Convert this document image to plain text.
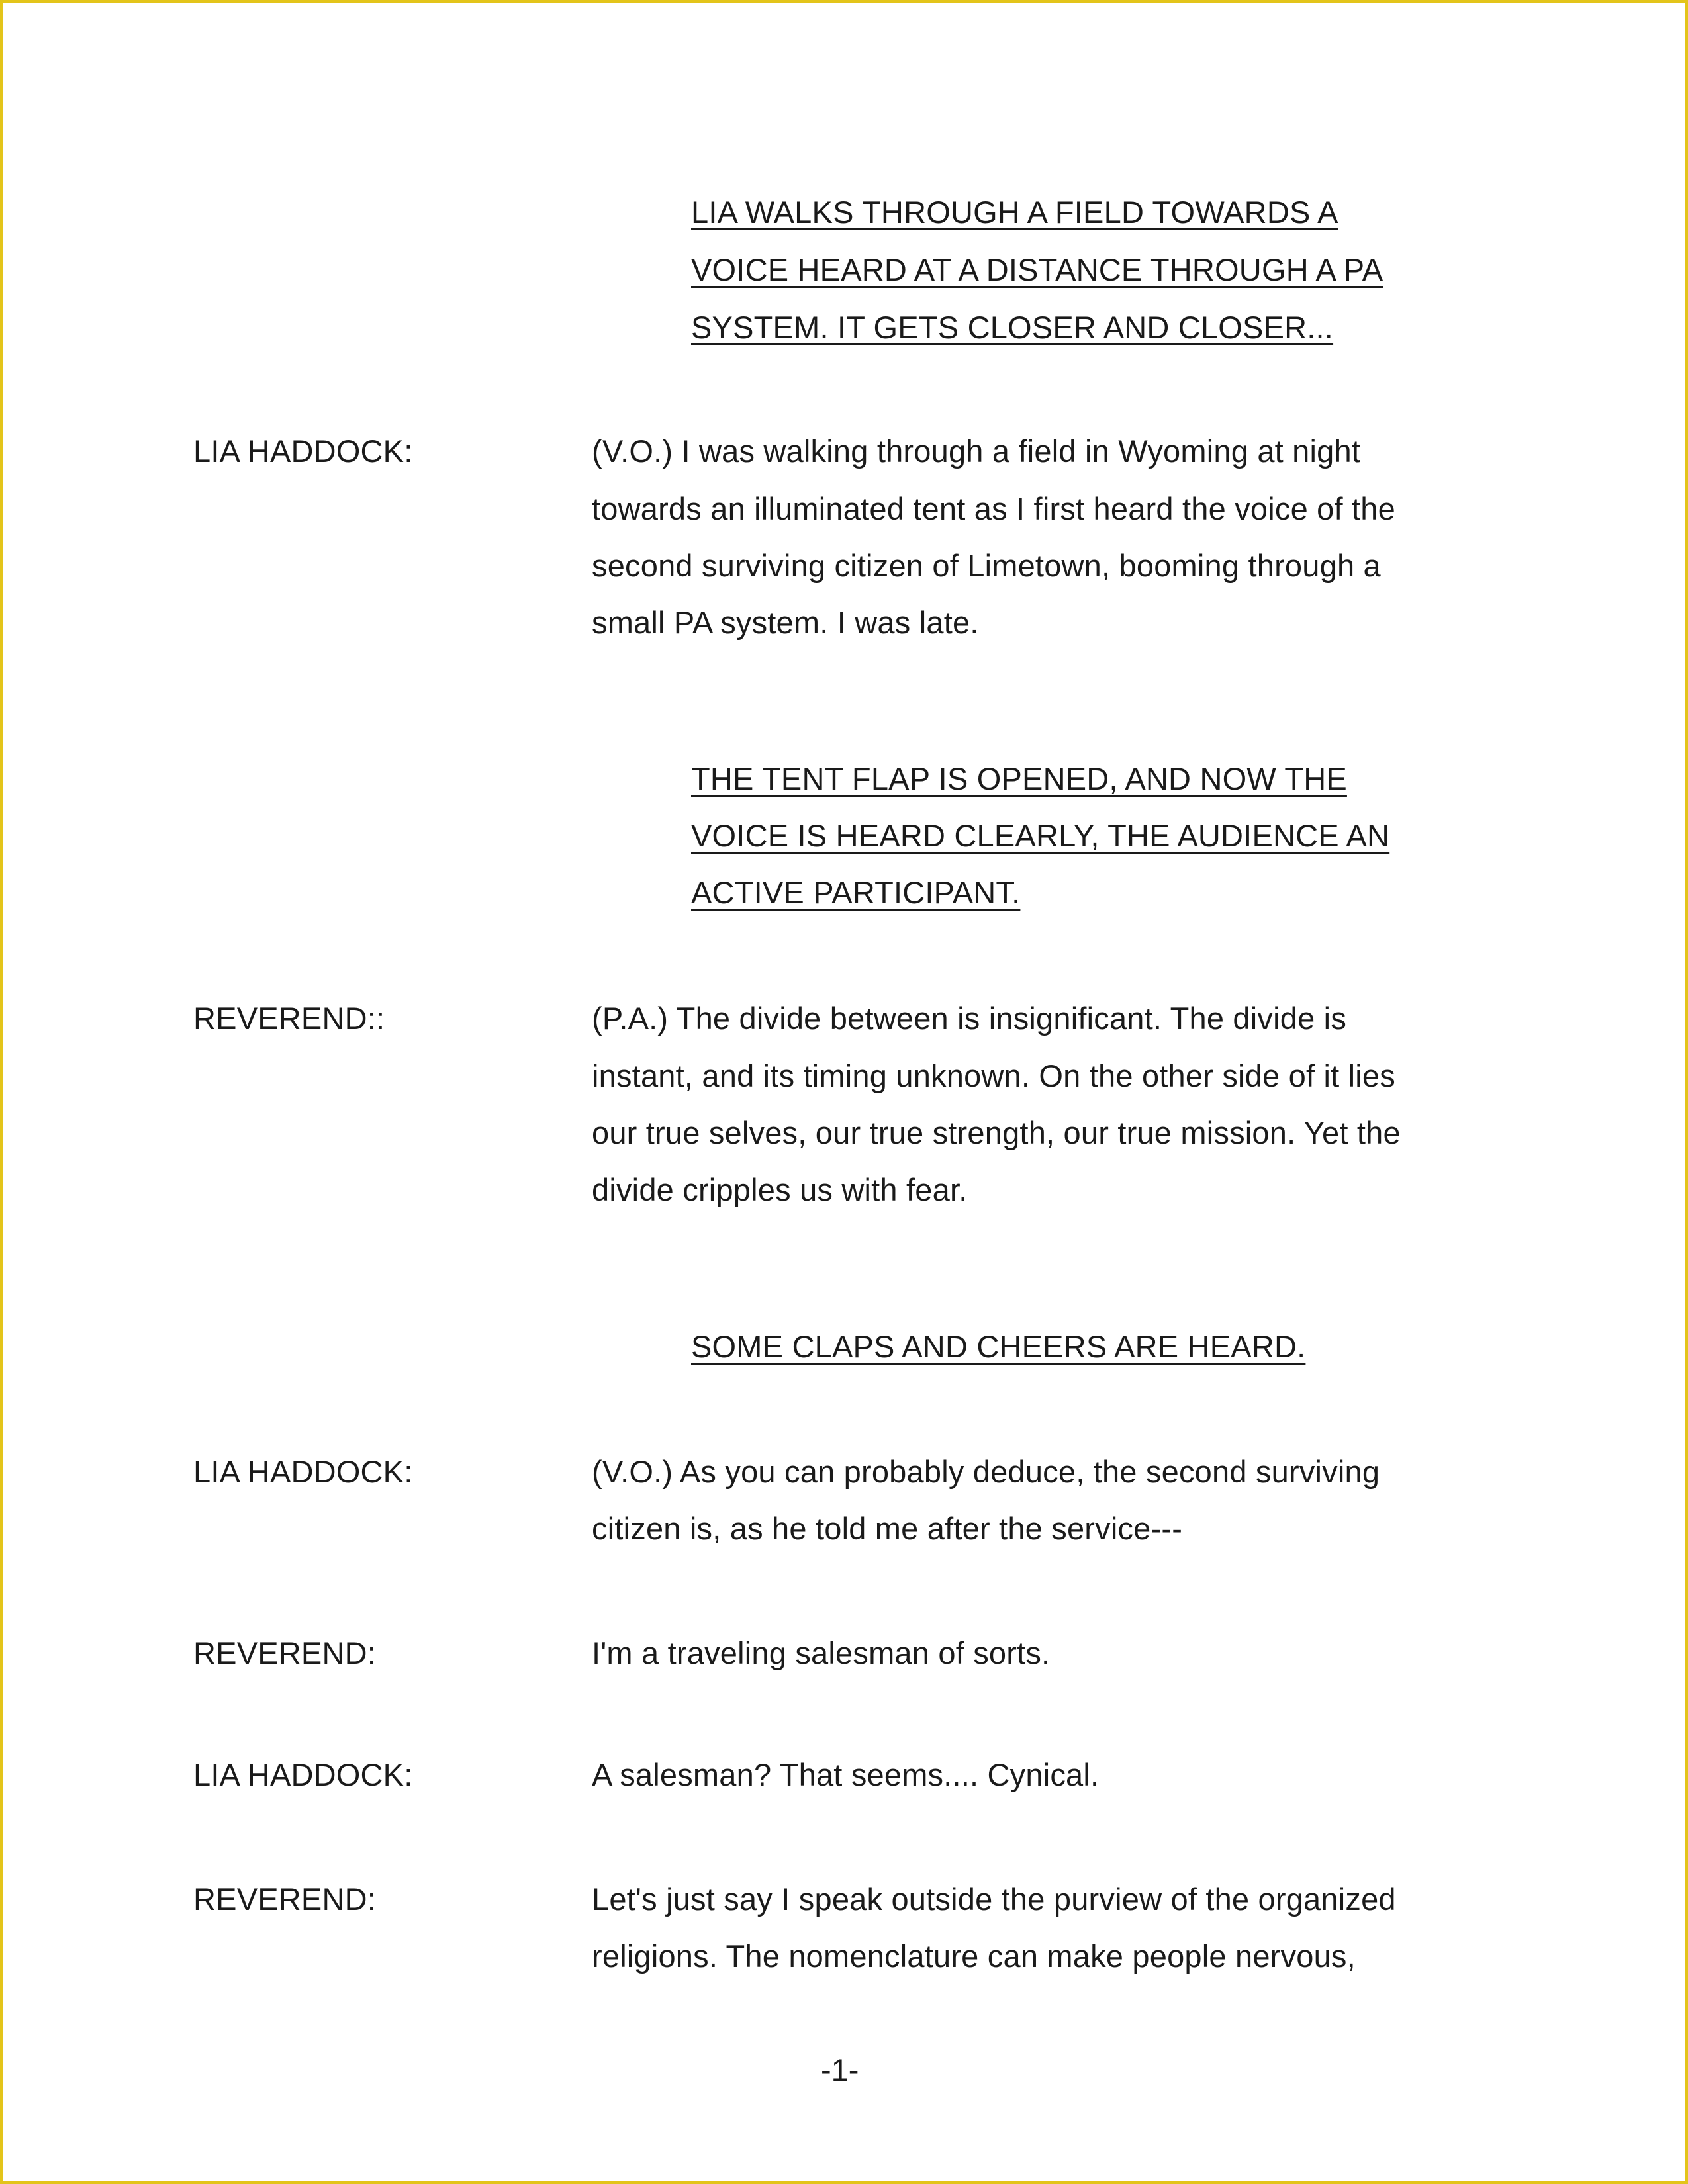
LIA WALKS THROUGH A FIELD TOWARDS A
VOICE HEARD AT A DISTANCE THROUGH A PA
SYSTEM. IT GETS CLOSER AND CLOSER...
LIA HADDOCK:	(V.O.) I was walking through a field in Wyoming at night
towards an illuminated tent as I first heard the voice of the
second surviving citizen of Limetown, booming through a
small PA system. I was late.
THE TENT FLAP IS OPENED, AND NOW THE
VOICE IS HEARD CLEARLY, THE AUDIENCE AN
ACTIVE PARTICIPANT.
REVEREND::	(P.A.) The divide between is insignificant. The divide is
instant, and its timing unknown. On the other side of it lies
our true selves, our true strength, our true mission. Yet the
divide cripples us with fear.
SOME CLAPS AND CHEERS ARE HEARD.
LIA HADDOCK:	(V.O.) As you can probably deduce, the second surviving
citizen is, as he told me after the service---
REVEREND:	I'm a traveling salesman of sorts.
LIA HADDOCK:	A salesman? That seems.... Cynical.
REVEREND:	Let's just say I speak outside the purview of the organized
religions. The nomenclature can make people nervous,
-1-
